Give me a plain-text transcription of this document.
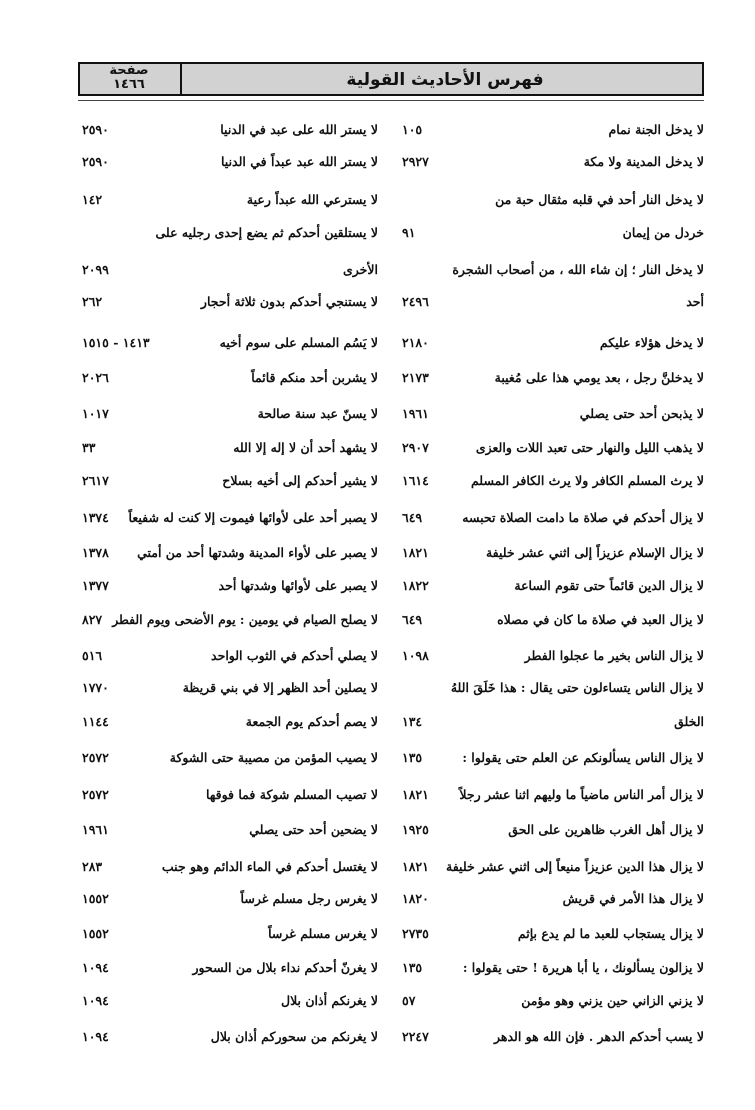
فهرس الأحاديث القولية
صفحة
١٤٦٦
لا يدخل الجنة نمام
١٠٥
لا يدخل المدينة ولا مكة
٢٩٢٧
لا يدخل النار أحد في قلبه مثقال حبة من
خردل من إيمان
٩١
لا يدخل النار ؛ إن شاء الله ، من أصحاب الشجرة
أحد
٢٤٩٦
لا يدخل هؤلاء عليكم
٢١٨٠
لا يدخلنَّ رجل ، بعد يومي هذا على مُغيبة
٢١٧٣
لا يذبحن أحد حتى يصلي
١٩٦١
لا يذهب الليل والنهار حتى تعبد اللات والعزى
٢٩٠٧
لا يرث المسلم الكافر ولا يرث الكافر المسلم
١٦١٤
لا يزال أحدكم في صلاة ما دامت الصلاة تحبسه
٦٤٩
لا يزال الإسلام عزيزاً إلى اثني عشر خليفة
١٨٢١
لا يزال الدين قائماً حتى تقوم الساعة
١٨٢٢
لا يزال العبد في صلاة ما كان في مصلاه
٦٤٩
لا يزال الناس بخير ما عجلوا الفطر
١٠٩٨
لا يزال الناس يتساءلون حتى يقال : هذا خَلَقَ اللهُ
الخلق
١٣٤
لا يزال الناس يسألونكم عن العلم حتى يقولوا :
١٣٥
لا يزال أمر الناس ماضياً ما وليهم اثنا عشر رجلاً
١٨٢١
لا يزال أهل الغرب ظاهرين على الحق
١٩٢٥
لا يزال هذا الدين عزيزاً منيعاً إلى اثني عشر خليفة
١٨٢١
لا يزال هذا الأمر في قريش
١٨٢٠
لا يزال يستجاب للعبد ما لم يدع بإثم
٢٧٣٥
لا يزالون يسألونك ، يا أبا هريرة ! حتى يقولوا :
١٣٥
لا يزني الزاني حين يزني وهو مؤمن
٥٧
لا يسب أحدكم الدهر . فإن الله هو الدهر
٢٢٤٧
لا يستر الله على عبد في الدنيا
٢٥٩٠
لا يستر الله عبد عبداً في الدنيا
٢٥٩٠
لا يسترعي الله عبداً رعية
١٤٢
لا يستلقين أحدكم ثم يضع إحدى رجليه على
الأخرى
٢٠٩٩
لا يستنجي أحدكم بدون ثلاثة أحجار
٢٦٢
لا يَسُم المسلم على سوم أخيه
١٤١٣ - ١٥١٥
لا يشربن أحد منكم قائماً
٢٠٢٦
لا يسنّ عبد سنة صالحة
١٠١٧
لا يشهد أحد أن لا إله إلا الله
٣٣
لا يشير أحدكم إلى أخيه بسلاح
٢٦١٧
لا يصبر أحد على لأوائها فيموت إلا كنت له شفيعاً
١٣٧٤
لا يصبر على لأواء المدينة وشدتها أحد من أمتي
١٣٧٨
لا يصبر على لأوائها وشدتها أحد
١٣٧٧
لا يصلح الصيام في يومين : يوم الأضحى ويوم الفطر
٨٢٧
لا يصلي أحدكم في الثوب الواحد
٥١٦
لا يصلين أحد الظهر إلا في بني قريظة
١٧٧٠
لا يصم أحدكم يوم الجمعة
١١٤٤
لا يصيب المؤمن من مصيبة حتى الشوكة
٢٥٧٢
لا تصيب المسلم شوكة فما فوقها
٢٥٧٢
لا يضحين أحد حتى يصلي
١٩٦١
لا يغتسل أحدكم في الماء الدائم وهو جنب
٢٨٣
لا يغرس رجل مسلم غرساً
١٥٥٢
لا يغرس مسلم غرساً
١٥٥٢
لا يغرنّ أحدكم نداء بلال من السحور
١٠٩٤
لا يغرنكم أذان بلال
١٠٩٤
لا يغرنكم من سحوركم أذان بلال
١٠٩٤
